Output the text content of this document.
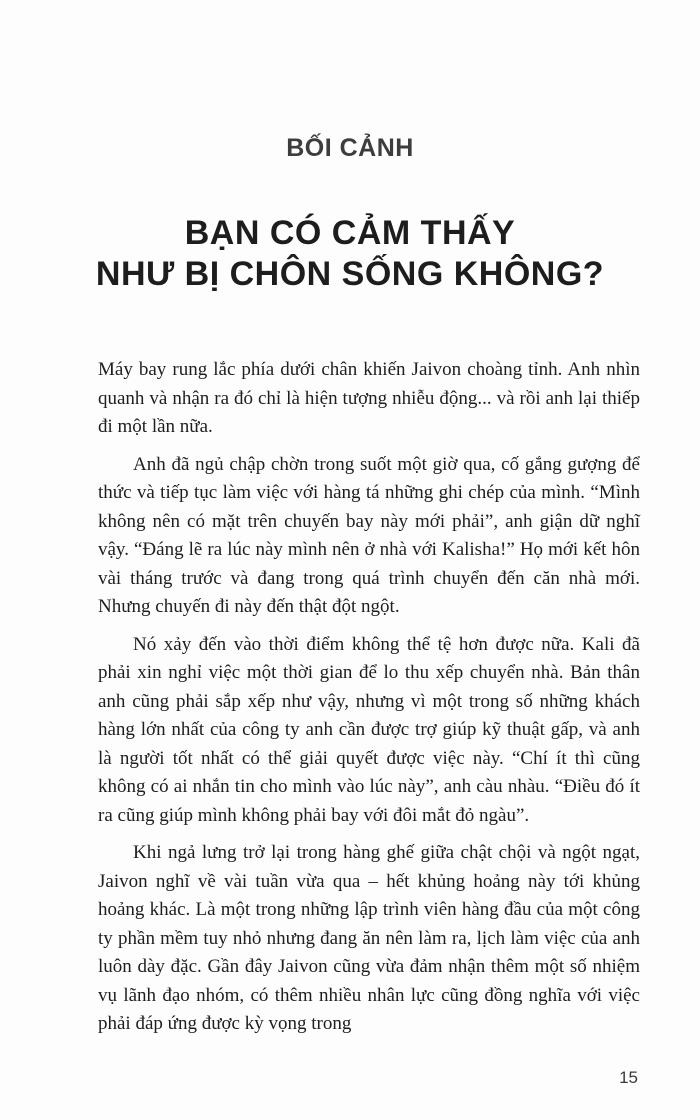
BỐI CẢNH
BẠN CÓ CẢM THẤY
NHƯ BỊ CHÔN SỐNG KHÔNG?

Máy bay rung lắc phía dưới chân khiến Jaivon choàng tỉnh. Anh nhìn quanh và nhận ra đó chỉ là hiện tượng nhiễu động... và rồi anh lại thiếp đi một lần nữa.

Anh đã ngủ chập chờn trong suốt một giờ qua, cố gắng gượng để thức và tiếp tục làm việc với hàng tá những ghi chép của mình. “Mình không nên có mặt trên chuyến bay này mới phải”, anh giận dữ nghĩ vậy. “Đáng lẽ ra lúc này mình nên ở nhà với Kalisha!” Họ mới kết hôn vài tháng trước và đang trong quá trình chuyển đến căn nhà mới. Nhưng chuyến đi này đến thật đột ngột.

Nó xảy đến vào thời điểm không thể tệ hơn được nữa. Kali đã phải xin nghỉ việc một thời gian để lo thu xếp chuyển nhà. Bản thân anh cũng phải sắp xếp như vậy, nhưng vì một trong số những khách hàng lớn nhất của công ty anh cần được trợ giúp kỹ thuật gấp, và anh là người tốt nhất có thể giải quyết được việc này. “Chí ít thì cũng không có ai nhắn tin cho mình vào lúc này”, anh càu nhàu. “Điều đó ít ra cũng giúp mình không phải bay với đôi mắt đỏ ngàu”.

Khi ngả lưng trở lại trong hàng ghế giữa chật chội và ngột ngạt, Jaivon nghĩ về vài tuần vừa qua – hết khủng hoảng này tới khủng hoảng khác. Là một trong những lập trình viên hàng đầu của một công ty phần mềm tuy nhỏ nhưng đang ăn nên làm ra, lịch làm việc của anh luôn dày đặc. Gần đây Jaivon cũng vừa đảm nhận thêm một số nhiệm vụ lãnh đạo nhóm, có thêm nhiều nhân lực cũng đồng nghĩa với việc phải đáp ứng được kỳ vọng trong

15
